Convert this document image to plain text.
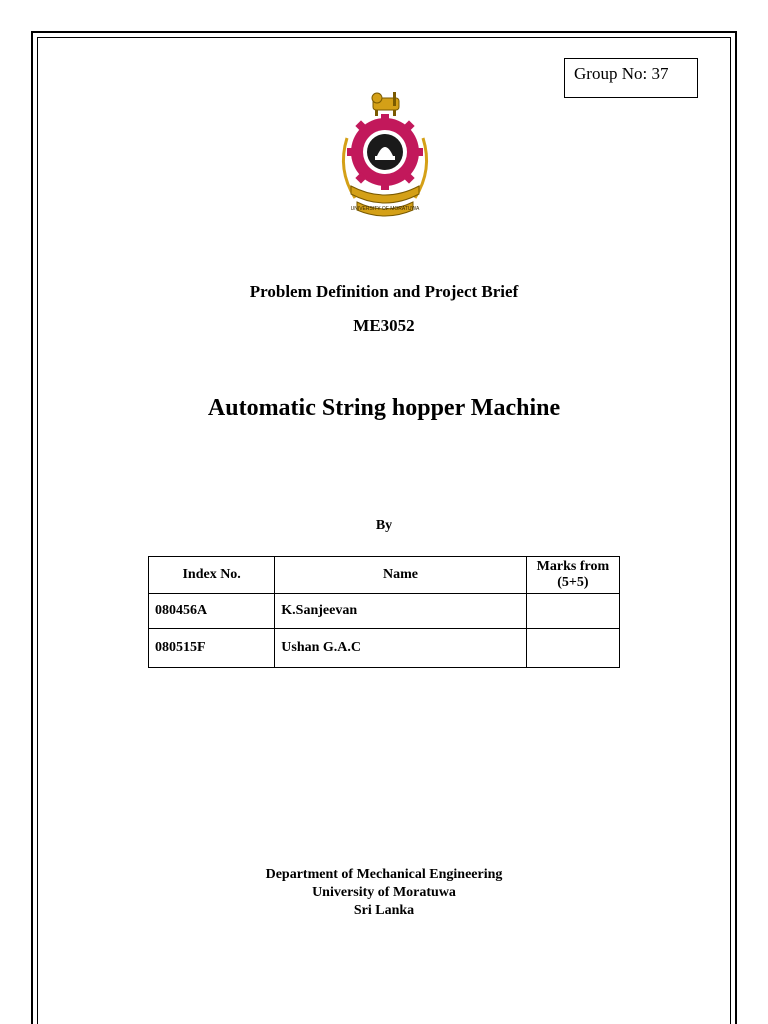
Group No: 37
UNIVERSITY OF MORATUWA
Problem Definition and Project Brief
ME3052
Automatic String hopper Machine
By
Index No.	Name	Marks from (5+5)
080456A	K.Sanjeevan	
080515F	Ushan G.A.C	
Department of Mechanical Engineering
University of Moratuwa
Sri Lanka
